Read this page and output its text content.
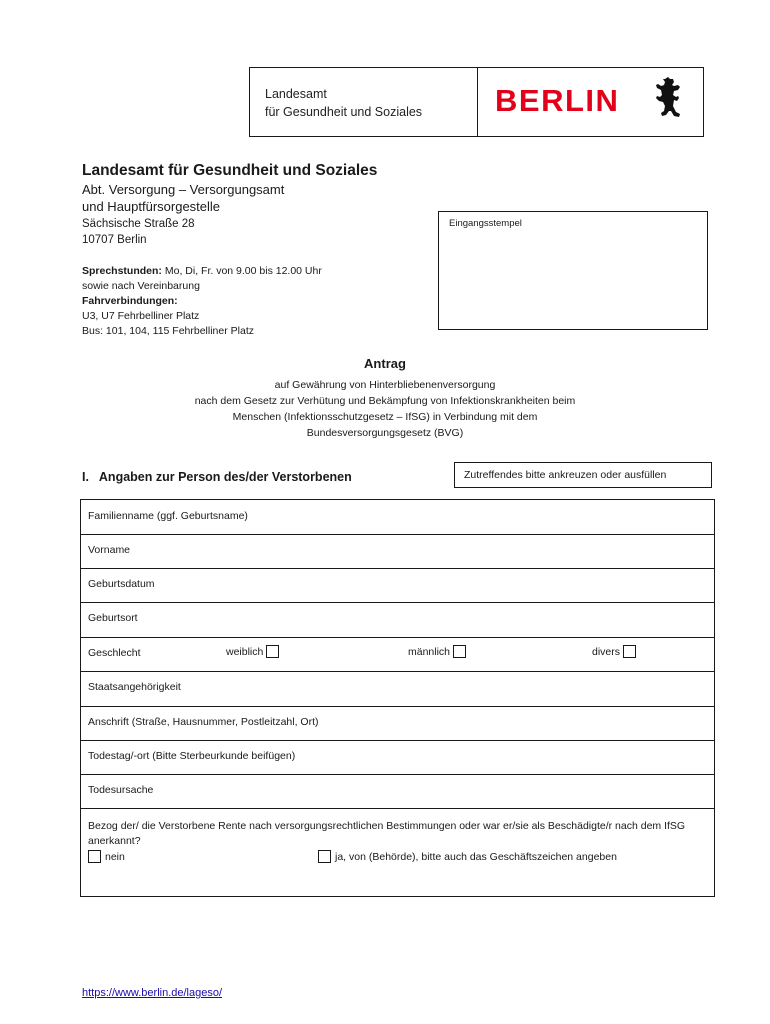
Landesamt
für Gesundheit und Soziales BERLIN
Landesamt für Gesundheit und Soziales
Abt. Versorgung – Versorgungsamt
und Hauptfürsorgestelle
Sächsische Straße 28
10707 Berlin
Sprechstunden: Mo, Di, Fr. von 9.00 bis 12.00 Uhr
sowie nach Vereinbarung
Fahrverbindungen:
U3, U7 Fehrbelliner Platz
Bus: 101, 104, 115 Fehrbelliner Platz
Eingangsstempel
Antrag
auf Gewährung von Hinterbliebenenversorgung
nach dem Gesetz zur Verhütung und Bekämpfung von Infektionskrankheiten beim
Menschen (Infektionsschutzgesetz – IfSG) in Verbindung mit dem
Bundesversorgungsgesetz (BVG)
I.   Angaben zur Person des/der Verstorbenen	Zutreffendes bitte ankreuzen oder ausfüllen
Familienname (ggf. Geburtsname)
Vorname
Geburtsdatum
Geburtsort
Geschlecht	weiblich	männlich	divers
Staatsangehörigkeit
Anschrift (Straße, Hausnummer, Postleitzahl, Ort)
Todestag/-ort (Bitte Sterbeurkunde beifügen)
Todesursache
Bezog der/ die Verstorbene Rente nach versorgungsrechtlichen Bestimmungen oder war er/sie als Beschädigte/r nach dem IfSG anerkannt?
nein	ja, von (Behörde), bitte auch das Geschäftszeichen angeben
https://www.berlin.de/lageso/
